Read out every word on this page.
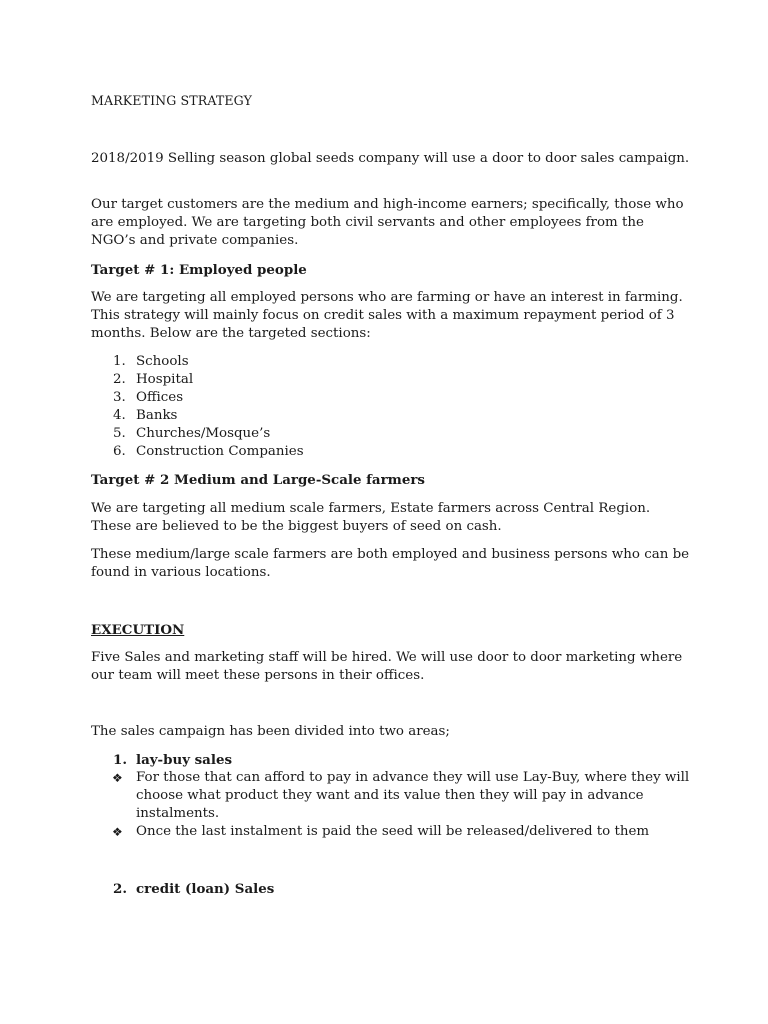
MARKETING STRATEGY

2018/2019 Selling season global seeds company will use a door to door sales campaign.

Our target customers are the medium and high-income earners; specifically, those who are employed. We are targeting both civil servants and other employees from the NGO’s and private companies.

Target # 1: Employed people

We are targeting all employed persons who are farming or have an interest in farming. This strategy will mainly focus on credit sales with a maximum repayment period of 3 months. Below are the targeted sections:

1. Schools
2. Hospital
3. Offices
4. Banks
5. Churches/Mosque’s
6. Construction Companies

Target # 2 Medium and Large-Scale farmers

We are targeting all medium scale farmers, Estate farmers across Central Region. These are believed to be the biggest buyers of seed on cash.

These medium/large scale farmers are both employed and business persons who can be found in various locations.

EXECUTION

Five Sales and marketing staff will be hired. We will use door to door marketing where our team will meet these persons in their offices.

The sales campaign has been divided into two areas;

1. lay-buy sales
❖ For those that can afford to pay in advance they will use Lay-Buy, where they will choose what product they want and its value then they will pay in advance instalments.
❖ Once the last instalment is paid the seed will be released/delivered to them
2. credit (loan) Sales
